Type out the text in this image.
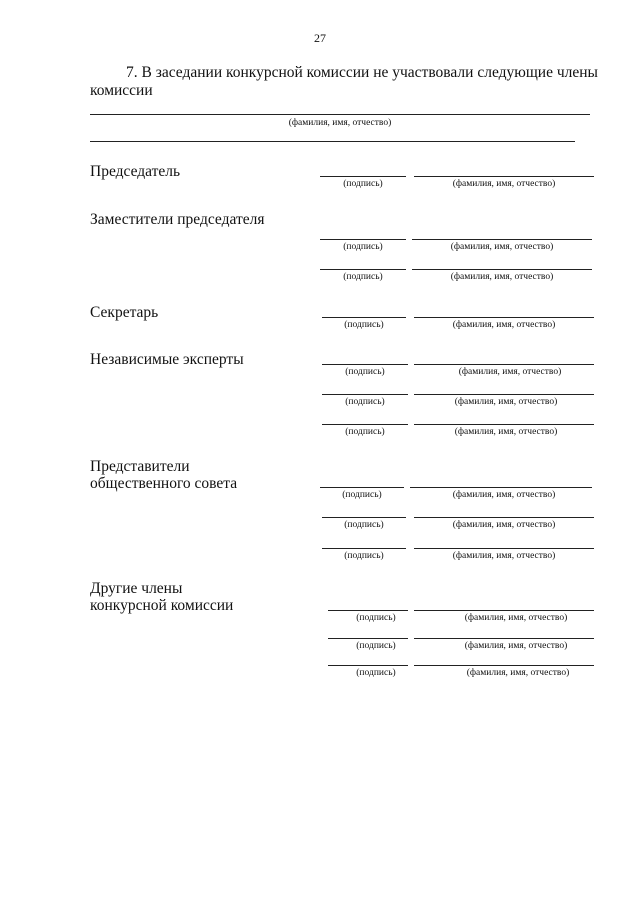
27
7. В заседании конкурсной комиссии не участвовали следующие члены
комиссии
(фамилия, имя, отчество)
Председатель
(подпись)	(фамилия, имя, отчество)
Заместители председателя
(подпись)	(фамилия, имя, отчество)
(подпись)	(фамилия, имя, отчество)
Секретарь
(подпись)	(фамилия, имя, отчество)
Независимые эксперты
(подпись)	(фамилия, имя, отчество)
(подпись)	(фамилия, имя, отчество)
(подпись)	(фамилия, имя, отчество)
Представители
общественного совета
(подпись)	(фамилия, имя, отчество)
(подпись)	(фамилия, имя, отчество)
(подпись)	(фамилия, имя, отчество)
Другие члены
конкурсной комиссии
(подпись)	(фамилия, имя, отчество)
(подпись)	(фамилия, имя, отчество)
(подпись)	(фамилия, имя, отчество)
